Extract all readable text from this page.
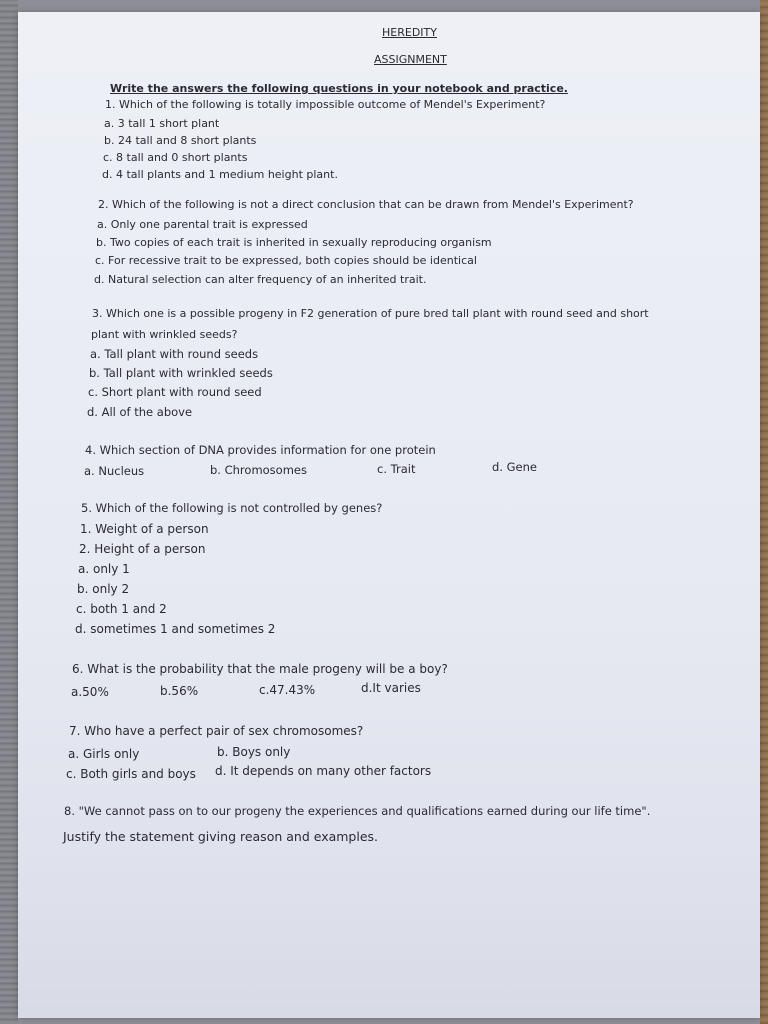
HEREDITY
ASSIGNMENT
Write the answers the following questions in your notebook and practice.
1. Which of the following is totally impossible outcome of Mendel's Experiment?
a. 3 tall 1 short plant
b. 24 tall and 8 short plants
c. 8 tall and 0 short plants
d. 4 tall plants and 1 medium height plant.
2. Which of the following is not a direct conclusion that can be drawn from Mendel's Experiment?
a. Only one parental trait is expressed
b. Two copies of each trait is inherited in sexually reproducing organism
c. For recessive trait to be expressed, both copies should be identical
d. Natural selection can alter frequency of an inherited trait.
3. Which one is a possible progeny in F2 generation of pure bred tall plant with round seed and short
plant with wrinkled seeds?
a. Tall plant with round seeds
b. Tall plant with wrinkled seeds
c. Short plant with round seed
d. All of the above
4. Which section of DNA provides information for one protein
a. Nucleus	b. Chromosomes	c. Trait	d. Gene
5. Which of the following is not controlled by genes?
1. Weight of a person
2. Height of a person
a. only 1
b. only 2
c. both 1 and 2
d. sometimes 1 and sometimes 2
6. What is the probability that the male progeny will be a boy?
a.50%	b.56%	c.47.43%	d.It varies
7. Who have a perfect pair of sex chromosomes?
a. Girls only	b. Boys only
c. Both girls and boys d. It depends on many other factors
8. "We cannot pass on to our progeny the experiences and qualifications earned during our life time".
Justify the statement giving reason and examples.
